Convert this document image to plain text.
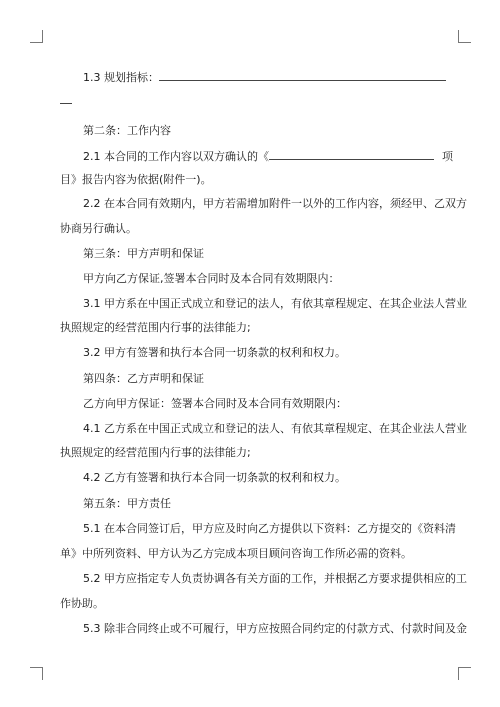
1.3 规划指标：
第二条：工作内容
2.1 本合同的工作内容以双方确认的《	项
目》报告内容为依据(附件一)。
2.2 在本合同有效期内，甲方若需增加附件一以外的工作内容，须经甲、乙双方
协商另行确认。
第三条：甲方声明和保证
甲方向乙方保证,签署本合同时及本合同有效期限内：
3.1 甲方系在中国正式成立和登记的法人，有依其章程规定、在其企业法人营业
执照规定的经营范围内行事的法律能力;
3.2 甲方有签署和执行本合同一切条款的权利和权力。
第四条：乙方声明和保证
乙方向甲方保证：签署本合同时及本合同有效期限内：
4.1 乙方系在中国正式成立和登记的法人、有依其章程规定、在其企业法人营业
执照规定的经营范围内行事的法律能力;
4.2 乙方有签署和执行本合同一切条款的权利和权力。
第五条：甲方责任
5.1 在本合同签订后，甲方应及时向乙方提供以下资料：乙方提交的《资料清
单》中所列资料、甲方认为乙方完成本项目顾问咨询工作所必需的资料。
5.2 甲方应指定专人负责协调各有关方面的工作，并根据乙方要求提供相应的工
作协助。
5.3 除非合同终止或不可履行，甲方应按照合同约定的付款方式、付款时间及金
